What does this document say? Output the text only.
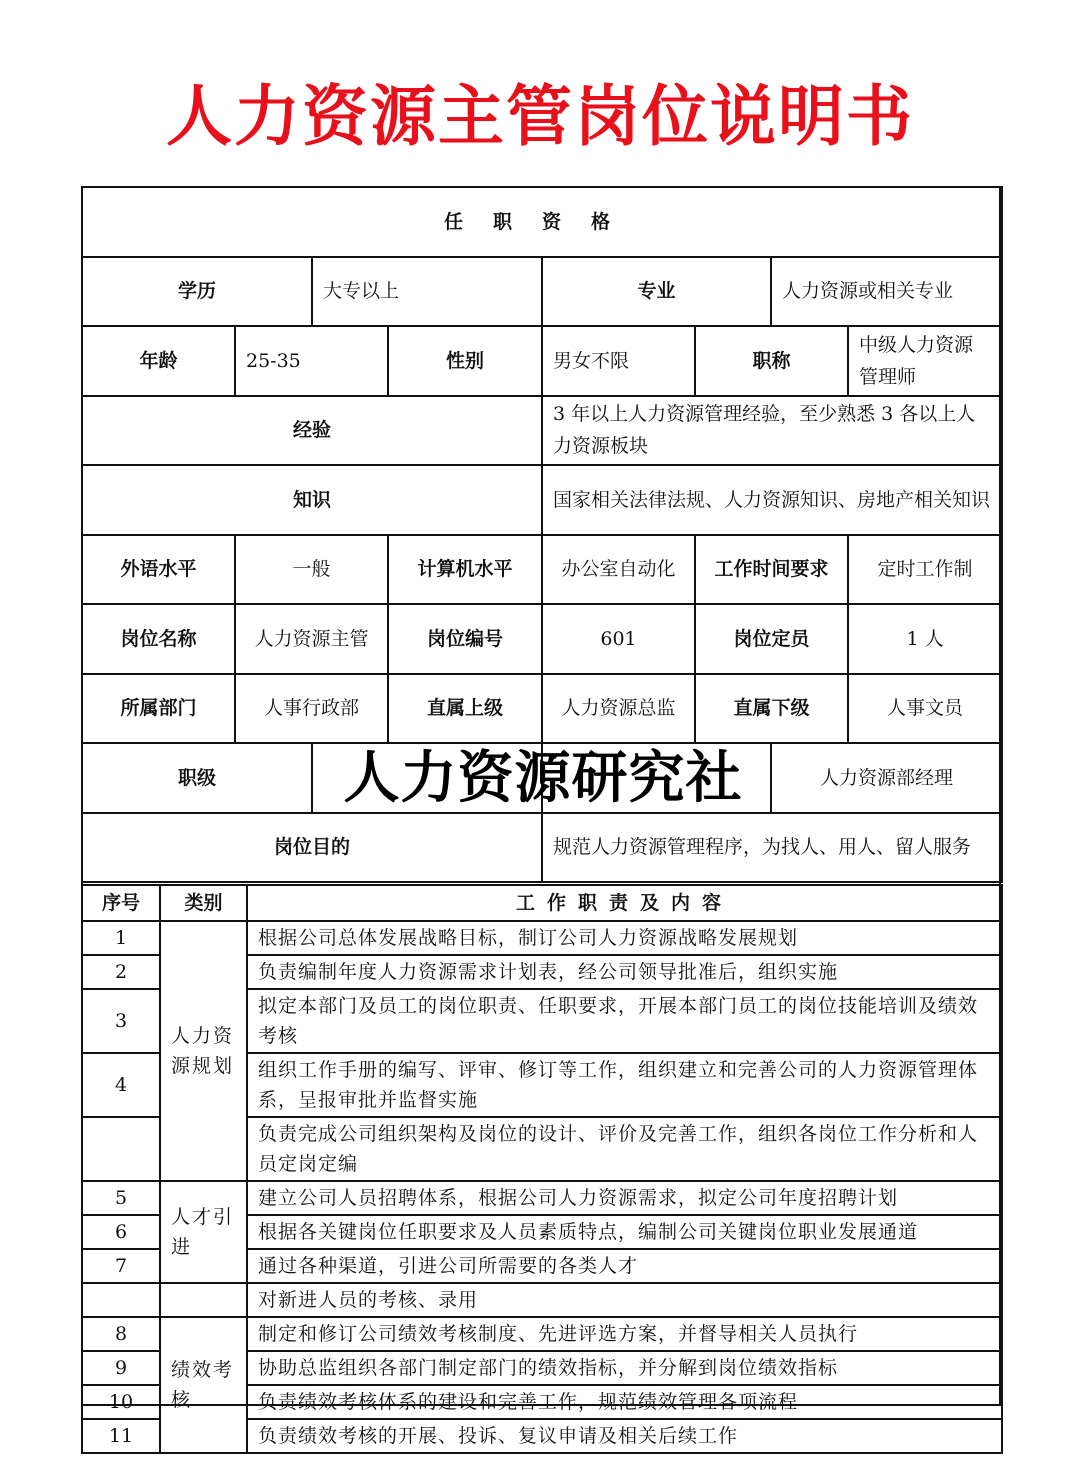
人力资源主管岗位说明书
任职资格							
学历		大专以上		专业		人力资源或相关专业	
年龄	25-35		性别	男女不限	职称		中级人力资源管理师
经验				3 年以上人力资源管理经验，至少熟悉 3 各以上人力资源板块			
知识				国家相关法律法规、人力资源知识、房地产相关知识			
外语水平	一般		计算机水平	办公室自动化	工作时间要求		定时工作制
岗位名称	人力资源主管		岗位编号	601	岗位定员		1 人
所属部门	人事行政部		直属上级	人力资源总监	直属下级		人事文员
职级						人力资源部经理	
岗位目的				规范人力资源管理程序，为找人、用人、留人服务			
人力资源研究社
序号	类别	工作职责及内容
1	人力资源规划	根据公司总体发展战略目标，制订公司人力资源战略发展规划
2		负责编制年度人力资源需求计划表，经公司领导批准后，组织实施
3		拟定本部门及员工的岗位职责、任职要求，开展本部门员工的岗位技能培训及绩效考核
4		组织工作手册的编写、评审、修订等工作，组织建立和完善公司的人力资源管理体系，呈报审批并监督实施
		负责完成公司组织架构及岗位的设计、评价及完善工作，组织各岗位工作分析和人员定岗定编
5	人才引进	建立公司人员招聘体系，根据公司人力资源需求，拟定公司年度招聘计划
6		根据各关键岗位任职要求及人员素质特点，编制公司关键岗位职业发展通道
7		通过各种渠道，引进公司所需要的各类人才
		对新进人员的考核、录用
8	绩效考核	制定和修订公司绩效考核制度、先进评选方案，并督导相关人员执行
9		协助总监组织各部门制定部门的绩效指标，并分解到岗位绩效指标
10		负责绩效考核体系的建设和完善工作，规范绩效管理各项流程
11		负责绩效考核的开展、投诉、复议申请及相关后续工作
